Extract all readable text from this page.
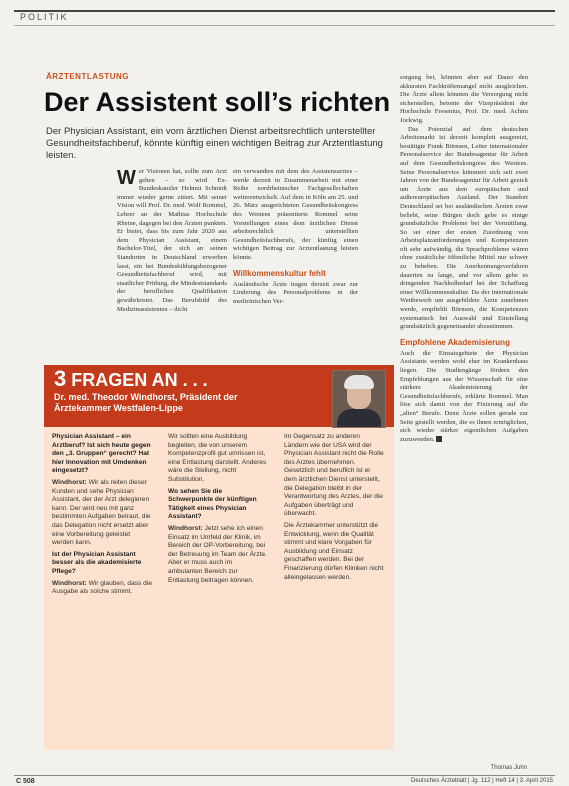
POLITIK
ÄRZTENTLASTUNG
Der Assistent soll’s richten
Der Physician Assistant, ein vom ärztlichen Dienst arbeitsrechtlich unterstellter Gesundheitsfachberuf, könnte künftig einen wichtigen Beitrag zur Arztentlastung leisten.

Wer Visionen hat, sollte zum Arzt gehen – so wird Ex-Bundeskanzler Helmut Schmidt immer wieder gerne zitiert. Mit seiner Vision will Prof. Dr. med. Wolf Rommel, Lehrer an der Mathias Hochschule Rheine, dagegen bei den Ärzten punkten. Er bietet, dass bis zum Jahr 2020 aus dem Physician Assistant, einem Bachelor-Titel, der sich an seinen Standorten in Deutschland erwerben lasst, ein bei Bundesbildungsbezogener Gesundheitsfachberuf wird, mit staatlicher Prüfung, die Mindeststandards der beruflichen Qualifikation gewährleistet. Das Berufsbild des Medizinassistenten – dicht

ein verwandtes mit dem des Assistenzarztes – werde derzeit in Zusammenarbeit mit einer Reihe nordrheinischer Fachgesellschaften weiterentwickelt. Auf dem in Köln am 25. und 26. März ausgerichteten Gesundheitskongress des Westens präsentierte Rommel seine Vorstellungen eines dem ärztlichen Dienst arbeitsrechtlich unterstellten Gesundheitsfachberufs, der künftig einen wichtigen Beitrag zur Arztentlastung leisten könnte.

Willkommenskultur fehlt

Ausländische Ärzte tragen derzeit zwar zur Linderung des Personalproblems in der medizinischen Ver-

sorgung bei, könnten aber auf Dauer den akkuraten Fachkräftemangel nicht ausgleichen. Die Ärzte allein könnten die Versorgung nicht sicherstellen, betonte der Vizepräsident der Hochschule Fresenius, Prof. Dr. med. Achim Jockwig.

Das Potenzial auf dem deutschen Arbeitsmarkt ist derzeit komplett ausgereizt, bestätigte Frank Börnsen, Leiter internationaler Personalservice der Bundesagentur für Arbeit auf dem Gesundheitskongress des Westens. Seine Personalservice kümmert sich seit zwei Jahren von der Bundesagentur für Arbeit gezielt um Ärzte aus dem europäischen und außereuropäischen Ausland. Der Standort Deutschland sei bei ausländischen Ärzten zwar beliebt, seine Bürgen doch gebe es einige grundsätzliche Probleme bei der Vermittlung. So sei einer der ersten Zuordnung von Arbeitsplatzanforderungen und Kompetenzen oft sehr aufwändig, die Sprachprobleme wären ohne zusätzliche öffentliche Mittel nur schwer zu beheben. Die Anerkennungsverfahren dauerten zu lange, und vor allem gebe es dringenden Nachholbedarf bei der Schaffung einer Willkommenskultur. Da der internationale Wettbewerb um ausgebildete Ärzte zunehmen werde, empfiehlt Börnsen, die Kompetenzen systematisch bei Auswahl und Einstellung grundsätzlich gegeneinander abzustimmen.

Empfohlene Akademisierung

Auch die Einsatzgebiete der Physician Assistants werden wohl eher im Krankenhaus liegen. Die Studiengänge fördern den Empfehlungen aus der Wissenschaft für eine stärkere Akademisierung der Gesundheitsfachberufe, erklärte Rommel. Man löse sich damit von der Fixierung auf die „alten“ Berufe. Denn Ärzte sollen gerade zur Seite gestellt werden, die es ihnen ermöglichen, sich wieder stärker eigentlichen Aufgaben zuzuwenden.

3 FRAGEN AN . . .
Dr. med. Theodor Windhorst, Präsident der Ärztekammer Westfalen-Lippe

Physician Assistant – ein Arztberuf? Ist sich heute gegen den „3. Gruppen“ gerecht? Hat hier Innovation mit Umdenken eingesetzt?

Windhorst: Wir als reiten dieser Kunden und sehe Physician Assistant, der der Arzt delegieren kann. Der wird neu mit ganz bestimmten Aufgaben betraut, die das Delegation nicht ersetzt aber eine Vorbereitung geleistet werden kann.

Ist der Physician Assistant besser als die akademisierte Pflege?

Windhorst: Wir glauben, dass die Ausgabe als solche stimmt.

Wir sollten eine Ausbildung begleiten, die von unserem Kompetenzprofil gut umrissen ist, eine Entlastung darstellt. Anderes wäre die Stellung, nicht Substitution.

Wo sehen Sie die Schwerpunkte der künftigen Tätigkeit eines Physician Assistant?

Windhorst: Jetzt sehe ich einen Einsatz im Umfeld der Klinik, im Bereich der OP-Vorbereitung, bei der Betreuung im Team der Ärzte. Aber er muss auch im ambulanten Bereich zur Entlastung beitragen können.

Im Gegensatz zu anderen Ländern wie der USA wird der Physician Assistant nicht die Rolle des Arztes übernehmen. Gesetzlich und beruflich ist er dem ärztlichen Dienst unterstellt, die Delegation bleibt in der Verantwortung des Arztes, der die Aufgaben überträgt und überwacht.

Die Ärztekammer unterstützt die Entwicklung, wenn die Qualität stimmt und klare Vorgaben für Ausbildung und Einsatz geschaffen werden. Bei der Finanzierung dürfen Kliniken nicht alleingelassen werden.

Thomas Juhn
C 508	Deutsches Ärzteblatt | Jg. 112 | Heft 14 | 3. April 2015
